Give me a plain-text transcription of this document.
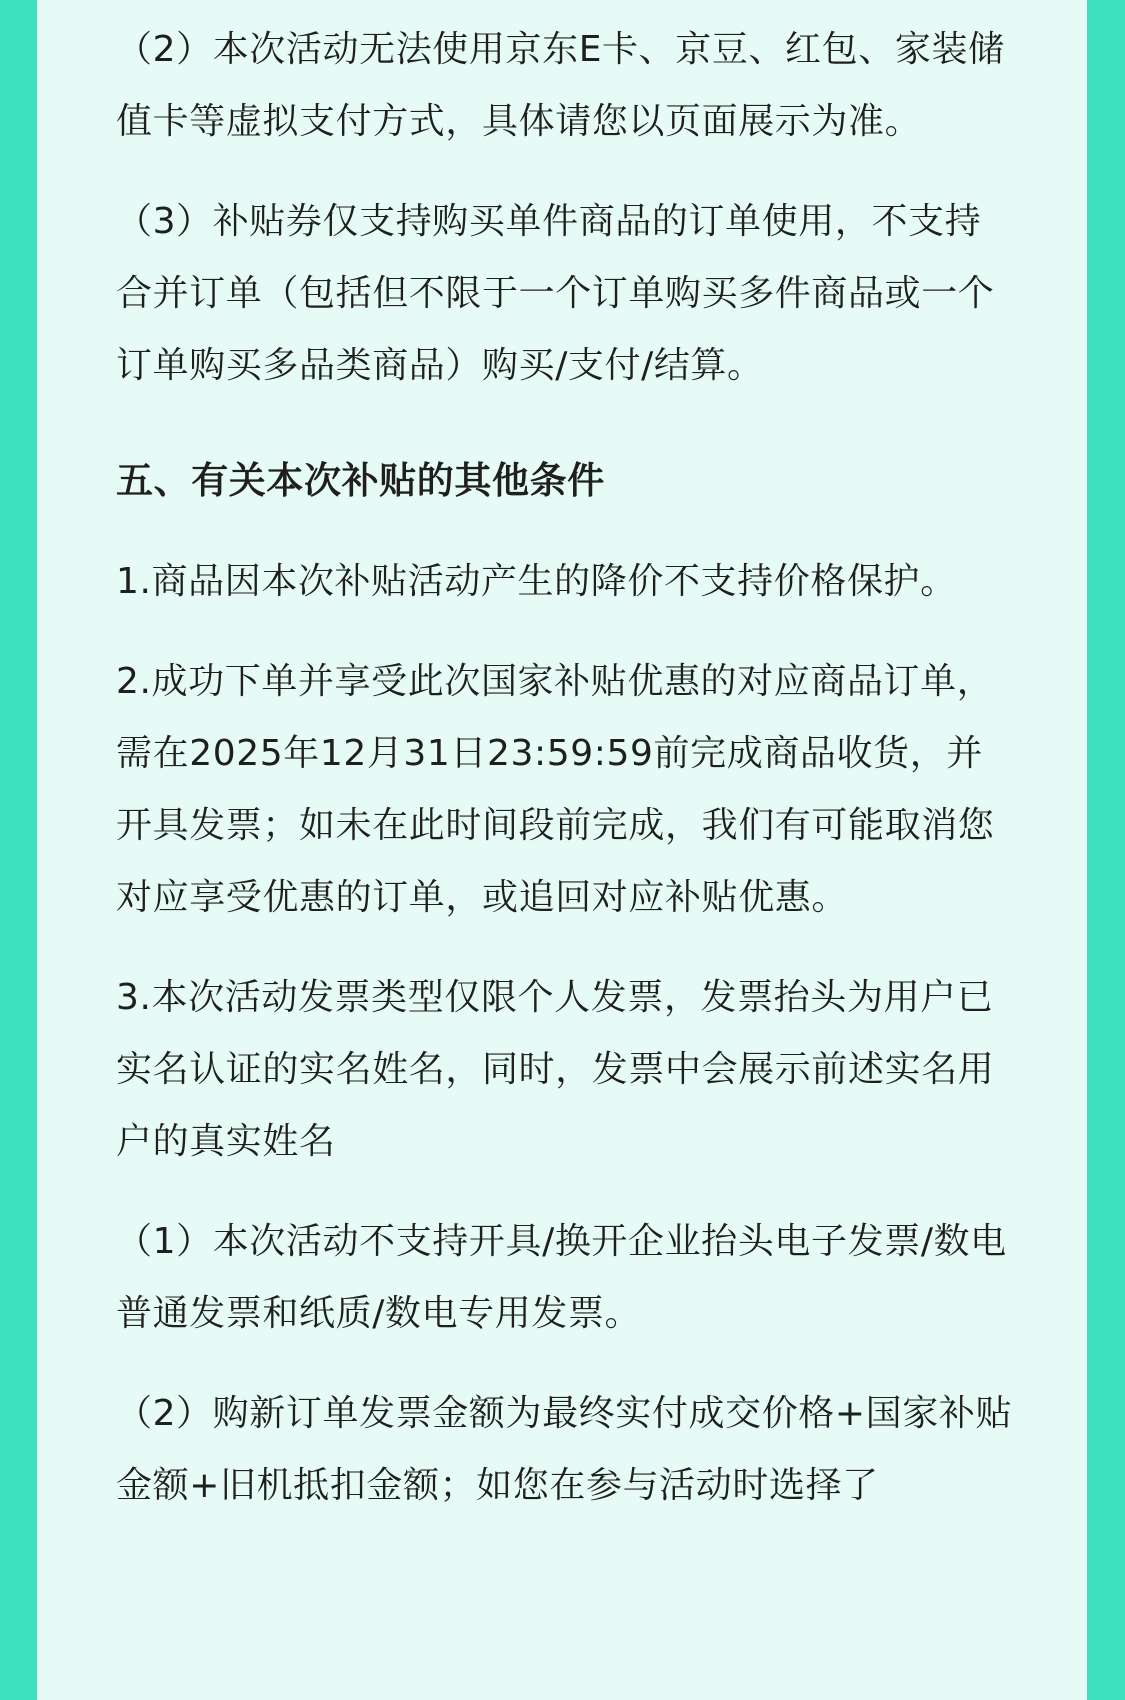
（2）本次活动无法使用京东E卡、京豆、红包、家装储值卡等虚拟支付方式，具体请您以页面展示为准。

（3）补贴券仅支持购买单件商品的订单使用，不支持合并订单（包括但不限于一个订单购买多件商品或一个订单购买多品类商品）购买/支付/结算。

五、有关本次补贴的其他条件

1.商品因本次补贴活动产生的降价不支持价格保护。

2.成功下单并享受此次国家补贴优惠的对应商品订单，需在2025年12月31日23:59:59前完成商品收货，并开具发票；如未在此时间段前完成，我们有可能取消您对应享受优惠的订单，或追回对应补贴优惠。

3.本次活动发票类型仅限个人发票，发票抬头为用户已实名认证的实名姓名，同时，发票中会展示前述实名用户的真实姓名

（1）本次活动不支持开具/换开企业抬头电子发票/数电普通发票和纸质/数电专用发票。

（2）购新订单发票金额为最终实付成交价格+国家补贴金额+旧机抵扣金额；如您在参与活动时选择了
